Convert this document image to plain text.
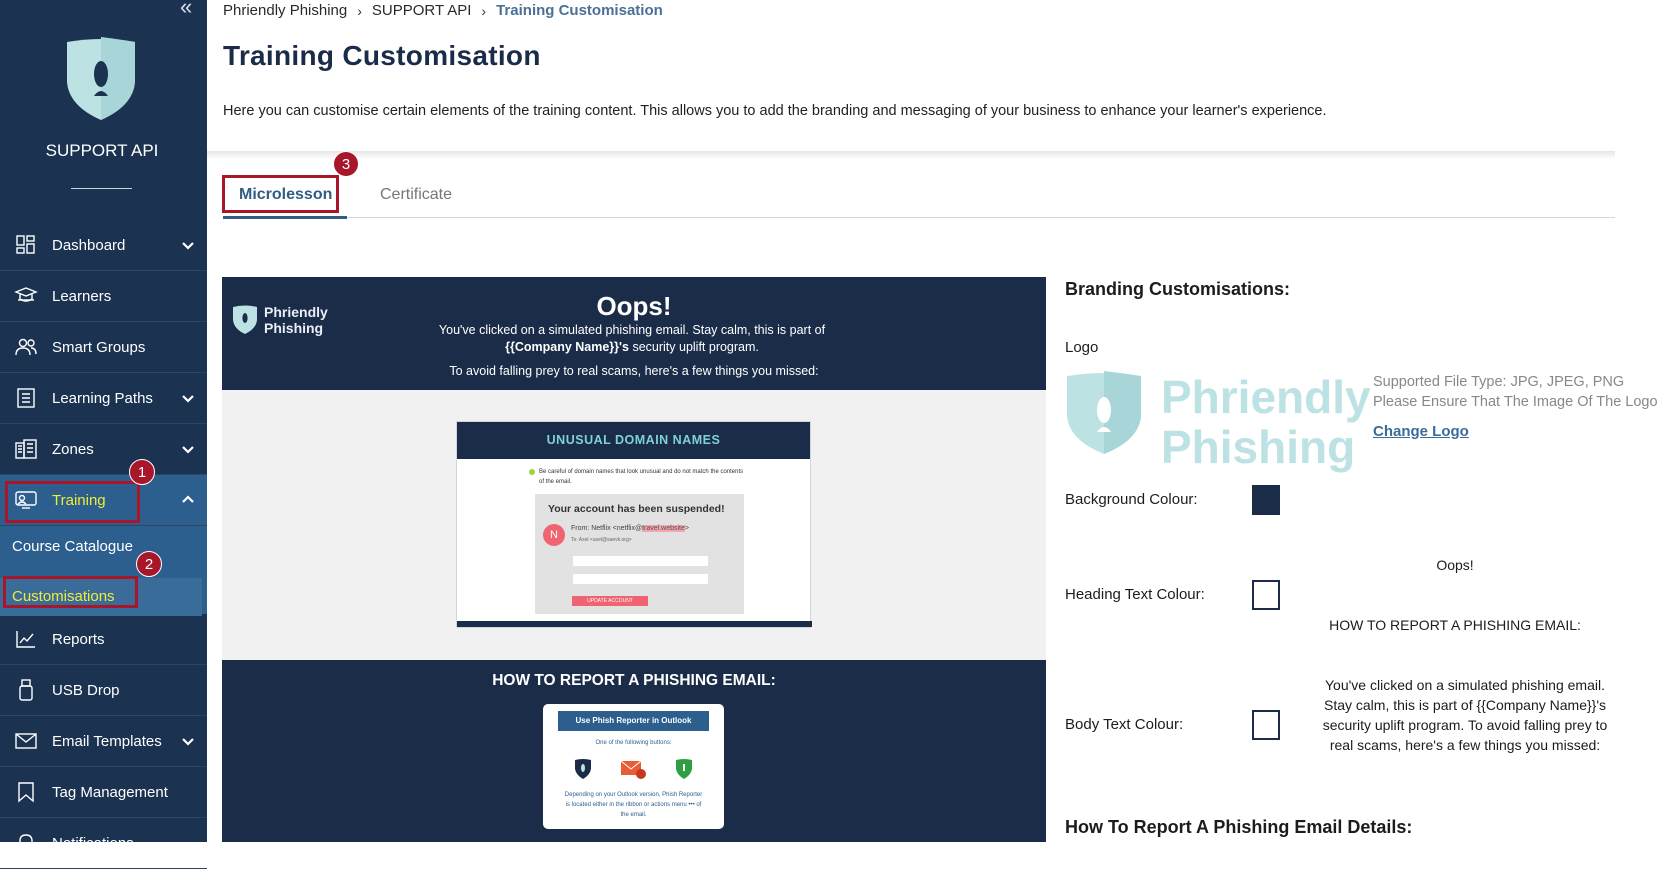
«
SUPPORT API
Dashboard
Learners
Smart Groups
Learning Paths
Zones
Training
Course Catalogue
Customisations
Reports
USB Drop
Email Templates
Tag Management
Notifications
1
2
Phriendly Phishing › SUPPORT API › Training Customisation
Training Customisation

Here you can customise certain elements of the training content. This allows you to add the branding and messaging of your business to enhance your learner's experience.

Microlesson	Certificate
3
Phriendly
Phishing
Oops!
You've clicked on a simulated phishing email. Stay calm, this is part of {{Company Name}}'s security uplift program.
To avoid falling prey to real scams, here's a few things you missed:
UNUSUAL DOMAIN NAMES
Be careful of domain names that look unusual and do not match the contents of the email.
Your account has been suspended!
N
From: Netflix <netflix@travel.website>
To: Axel <axel@saevk.org>
UPDATE ACCOUNT
HOW TO REPORT A PHISHING EMAIL:
Use Phish Reporter in Outlook
One of the following buttons:
Depending on your Outlook version, Phish Reporter is located either in the ribbon or actions menu ••• of the email.
Branding Customisations:
Logo
Phriendly
Phishing
Supported File Type: JPG, JPEG, PNG
Please Ensure That The Image Of The Logo
Change Logo
Background Colour:
Heading Text Colour:
Body Text Colour:
Oops!
HOW TO REPORT A PHISHING EMAIL:
You've clicked on a simulated phishing email. Stay calm, this is part of {{Company Name}}'s security uplift program. To avoid falling prey to real scams, here's a few things you missed:
How To Report A Phishing Email Details:
